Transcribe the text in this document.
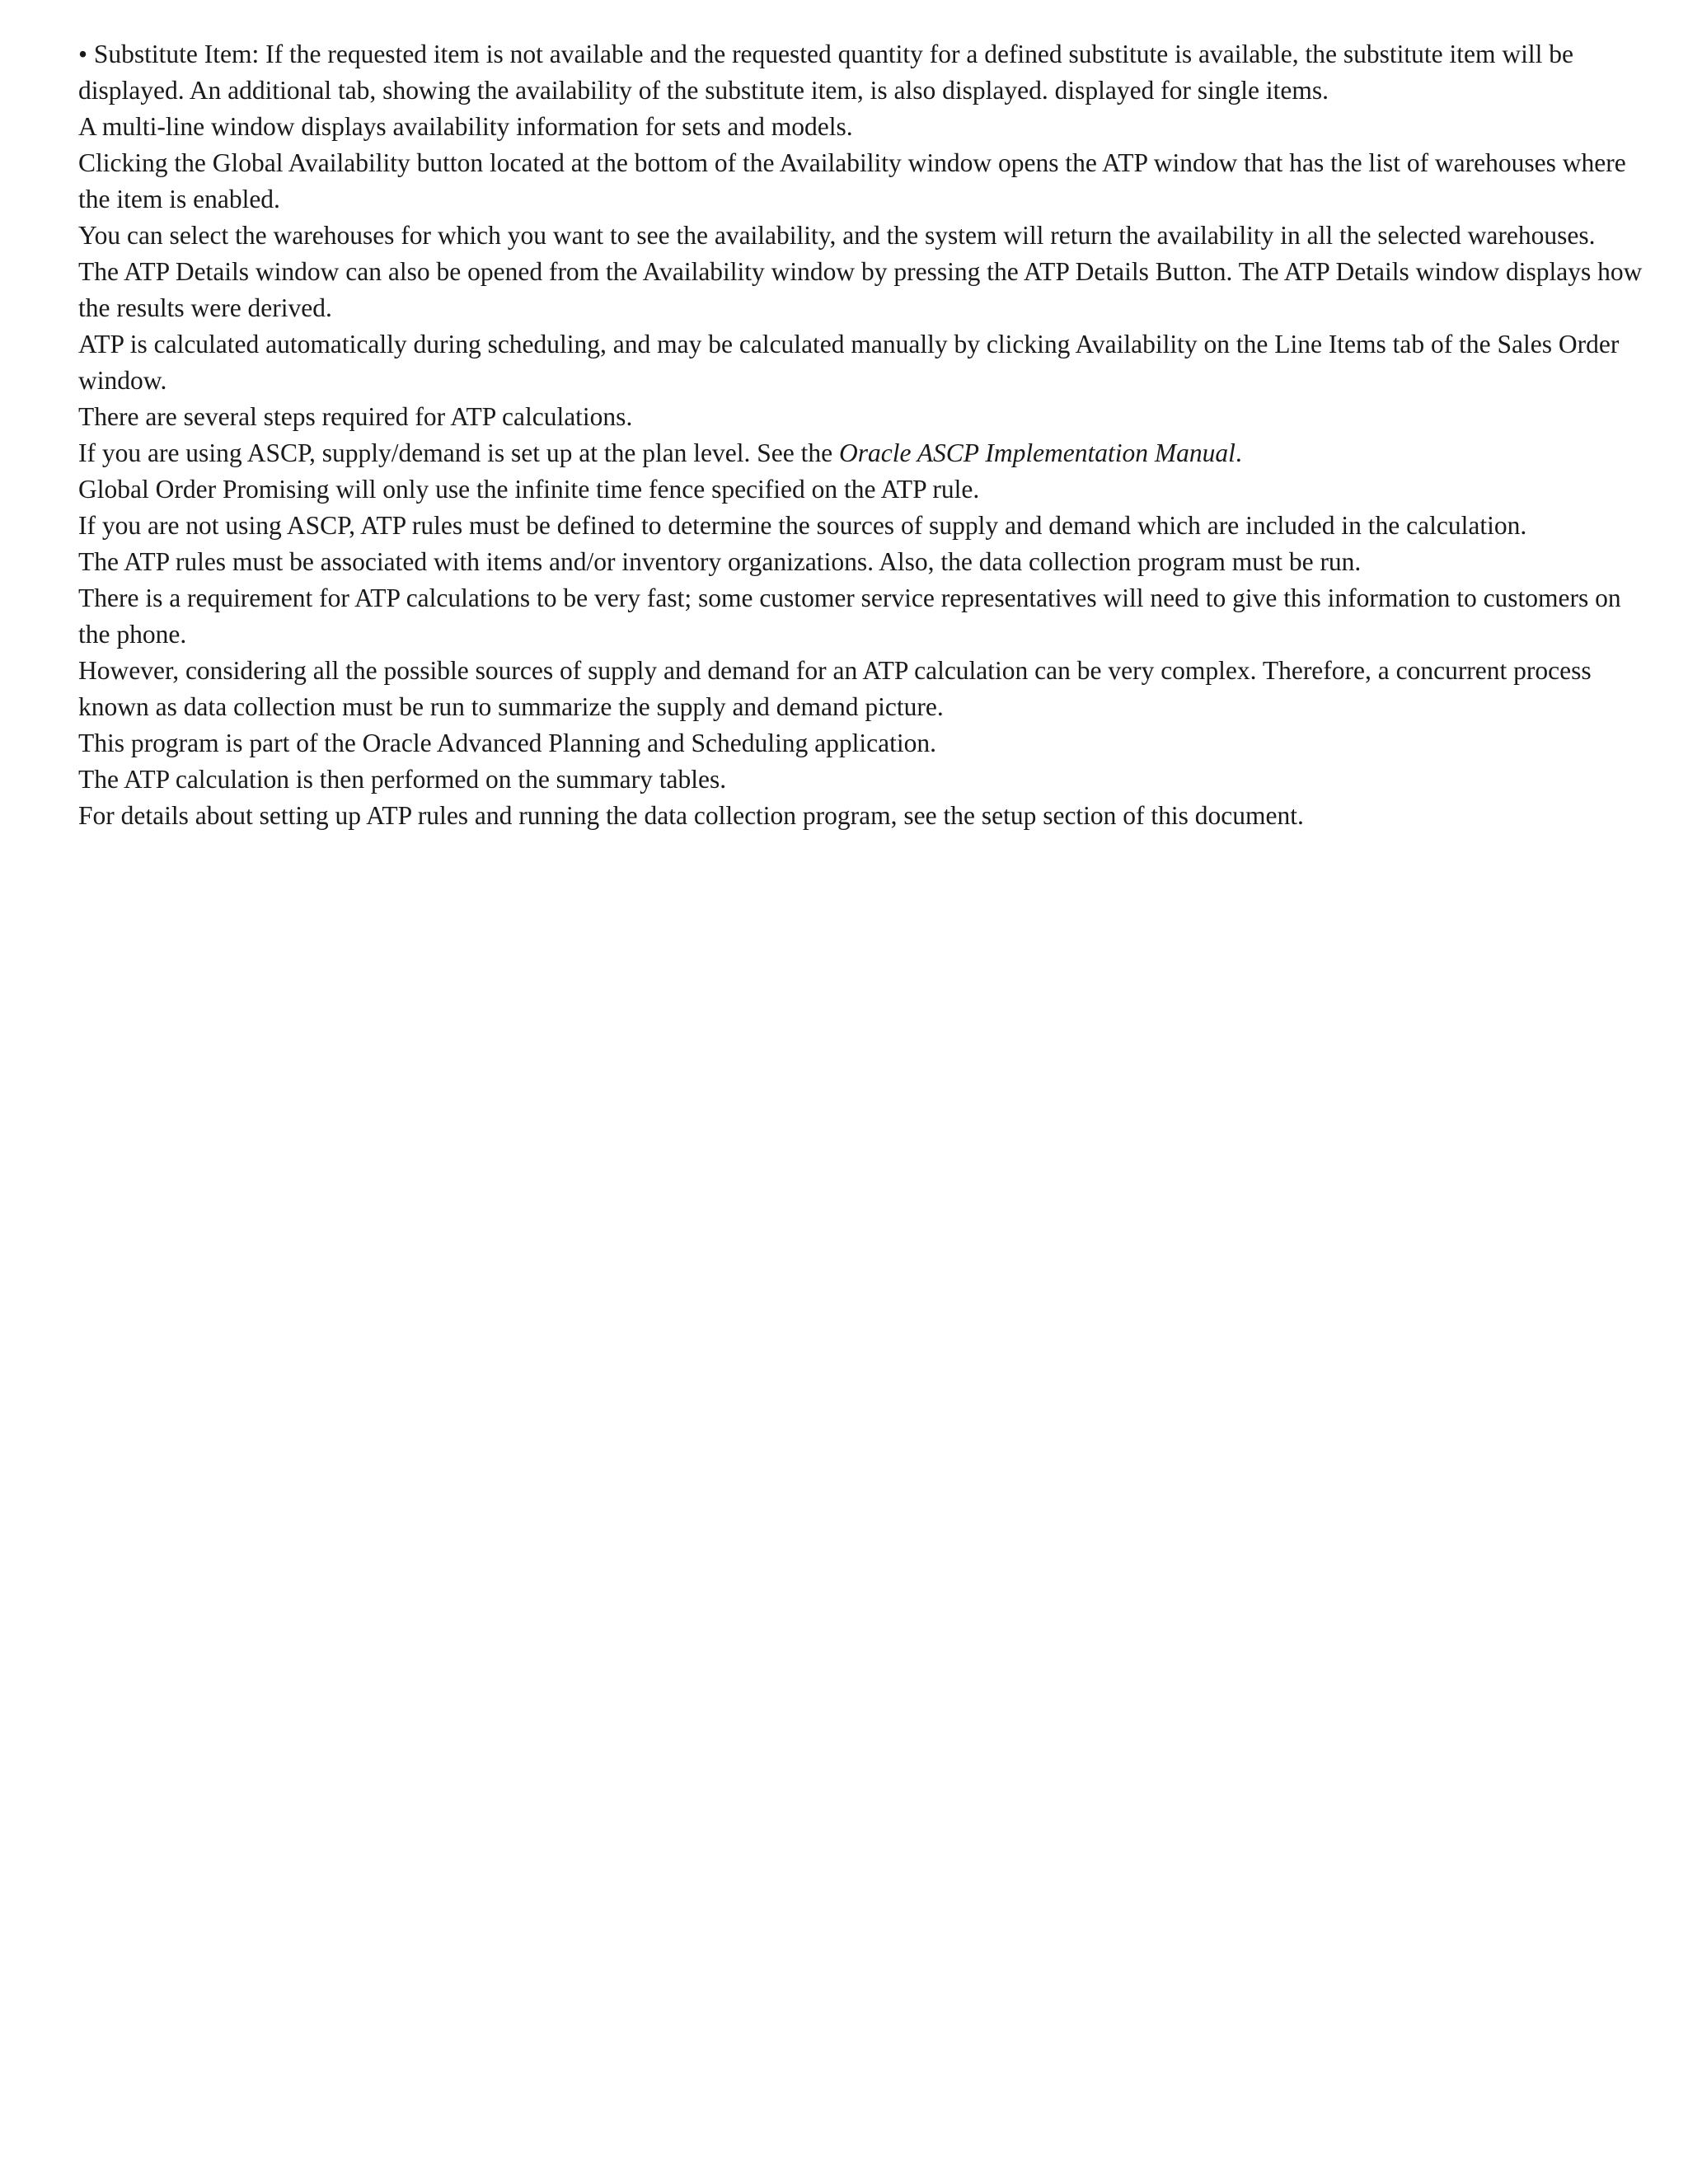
• Substitute Item: If the requested item is not available and the requested quantity for a defined substitute is available, the substitute item will be displayed. An additional tab, showing the availability of the substitute item, is also displayed. displayed for single items.

A multi-line window displays availability information for sets and models.

Clicking the Global Availability button located at the bottom of the Availability window opens the ATP window that has the list of warehouses where the item is enabled.

You can select the warehouses for which you want to see the availability, and the system will return the availability in all the selected warehouses.

The ATP Details window can also be opened from the Availability window by pressing the ATP Details Button. The ATP Details window displays how the results were derived.

ATP is calculated automatically during scheduling, and may be calculated manually by clicking Availability on the Line Items tab of the Sales Order window.

There are several steps required for ATP calculations.

If you are using ASCP, supply/demand is set up at the plan level. See the Oracle ASCP Implementation Manual.

Global Order Promising will only use the infinite time fence specified on the ATP rule.

If you are not using ASCP, ATP rules must be defined to determine the sources of supply and demand which are included in the calculation.

The ATP rules must be associated with items and/or inventory organizations. Also, the data collection program must be run.

There is a requirement for ATP calculations to be very fast; some customer service representatives will need to give this information to customers on the phone.

However, considering all the possible sources of supply and demand for an ATP calculation can be very complex. Therefore, a concurrent process known as data collection must be run to summarize the supply and demand picture.

This program is part of the Oracle Advanced Planning and Scheduling application.

The ATP calculation is then performed on the summary tables.

For details about setting up ATP rules and running the data collection program, see the setup section of this document.
